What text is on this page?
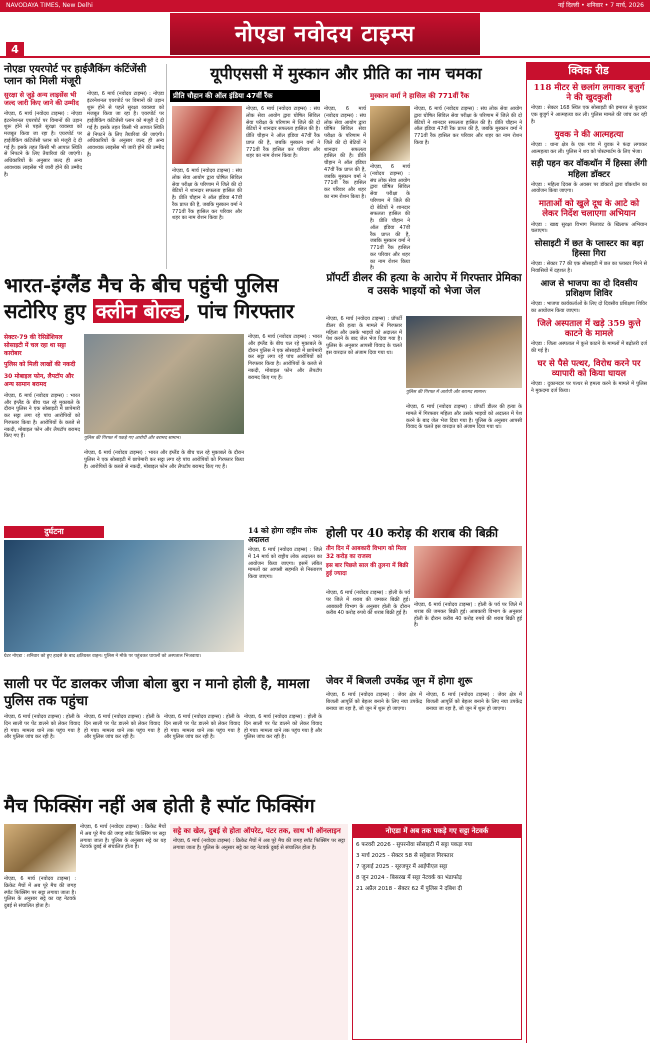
NAVODAYA TIMES, New Delhi	नई दिल्ली • शनिवार • 7 मार्च, 2026
नोएडा नवोदय टाइम्स
4
नोएडा एयरपोर्ट पर हाईजैकिंग कंटिंजेंसी प्लान को मिली मंजूरी
सुरक्षा से जुड़े अन्य लाइसेंस भी जल्द जारी किए जाने की उम्मीद
नोएडा, 6 मार्च (नवोदय टाइम्स) : नोएडा इंटरनेशनल एयरपोर्ट पर विमानों की उड़ान शुरू होने से पहले सुरक्षा व्यवस्था को मजबूत किया जा रहा है। एयरपोर्ट पर हाईजैकिंग कंटिंजेंसी प्लान को मंजूरी दे दी गई है। इसके तहत किसी भी आपात स्थिति से निपटने के लिए तैयारियां की जाएंगी। अधिकारियों के अनुसार जल्द ही अन्य आवश्यक लाइसेंस भी जारी होने की उम्मीद है।
नोएडा, 6 मार्च (नवोदय टाइम्स) : नोएडा इंटरनेशनल एयरपोर्ट पर विमानों की उड़ान शुरू होने से पहले सुरक्षा व्यवस्था को मजबूत किया जा रहा है। एयरपोर्ट पर हाईजैकिंग कंटिंजेंसी प्लान को मंजूरी दे दी गई है। इसके तहत किसी भी आपात स्थिति से निपटने के लिए तैयारियां की जाएंगी। अधिकारियों के अनुसार जल्द ही अन्य आवश्यक लाइसेंस भी जारी होने की उम्मीद है।
यूपीएससी में मुस्कान और प्रीति का नाम चमका
प्रीति चौहान की ऑल इंडिया 47वीं रैंक	मुस्कान वर्मा ने हासिल की 771वीं रैंक
नोएडा, 6 मार्च (नवोदय टाइम्स) : संघ लोक सेवा आयोग द्वारा घोषित सिविल सेवा परीक्षा के परिणाम में जिले की दो बेटियों ने शानदार सफलता हासिल की है। प्रीति चौहान ने ऑल इंडिया 47वीं रैंक प्राप्त की है, जबकि मुस्कान वर्मा ने 771वीं रैंक हासिल कर परिवार और शहर का नाम रोशन किया है।
नोएडा, 6 मार्च (नवोदय टाइम्स) : संघ लोक सेवा आयोग द्वारा घोषित सिविल सेवा परीक्षा के परिणाम में जिले की दो बेटियों ने शानदार सफलता हासिल की है। प्रीति चौहान ने ऑल इंडिया 47वीं रैंक प्राप्त की है, जबकि मुस्कान वर्मा ने 771वीं रैंक हासिल कर परिवार और शहर का नाम रोशन किया है।
नोएडा, 6 मार्च (नवोदय टाइम्स) : संघ लोक सेवा आयोग द्वारा घोषित सिविल सेवा परीक्षा के परिणाम में जिले की दो बेटियों ने शानदार सफलता हासिल की है। प्रीति चौहान ने ऑल इंडिया 47वीं रैंक प्राप्त की है, जबकि मुस्कान वर्मा ने 771वीं रैंक हासिल कर परिवार और शहर का नाम रोशन किया है।
नोएडा, 6 मार्च (नवोदय टाइम्स) : संघ लोक सेवा आयोग द्वारा घोषित सिविल सेवा परीक्षा के परिणाम में जिले की दो बेटियों ने शानदार सफलता हासिल की है। प्रीति चौहान ने ऑल इंडिया 47वीं रैंक प्राप्त की है, जबकि मुस्कान वर्मा ने 771वीं रैंक हासिल कर परिवार और शहर का नाम रोशन किया है।
नोएडा, 6 मार्च (नवोदय टाइम्स) : संघ लोक सेवा आयोग द्वारा घोषित सिविल सेवा परीक्षा के परिणाम में जिले की दो बेटियों ने शानदार सफलता हासिल की है। प्रीति चौहान ने ऑल इंडिया 47वीं रैंक प्राप्त की है, जबकि मुस्कान वर्मा ने 771वीं रैंक हासिल कर परिवार और शहर का नाम रोशन किया है।
भारत-इंग्लैंड मैच के बीच पहुंची पुलिस
सटोरिए हुए क्लीन बोल्ड , पांच गिरफ्तार
सेक्टर-79 की रेसिडेंशियल सोसाइटी में चल रहा था सट्टा कारोबार
पुलिस को मिली लाखों की नकदी
30 मोबाइल फोन, लैपटॉप और अन्य सामान बरामद
नोएडा, 6 मार्च (नवोदय टाइम्स) : भारत और इंग्लैंड के बीच चल रहे मुकाबले के दौरान पुलिस ने एक सोसाइटी में छापेमारी कर सट्टा लगा रहे पांच आरोपियों को गिरफ्तार किया है। आरोपियों के कब्जे से नकदी, मोबाइल फोन और लैपटॉप बरामद किए गए हैं।	पुलिस की गिरफ्त में पकड़े गए आरोपी और बरामद सामान।
नोएडा, 6 मार्च (नवोदय टाइम्स) : भारत और इंग्लैंड के बीच चल रहे मुकाबले के दौरान पुलिस ने एक सोसाइटी में छापेमारी कर सट्टा लगा रहे पांच आरोपियों को गिरफ्तार किया है। आरोपियों के कब्जे से नकदी, मोबाइल फोन और लैपटॉप बरामद किए गए हैं।
नोएडा, 6 मार्च (नवोदय टाइम्स) : भारत और इंग्लैंड के बीच चल रहे मुकाबले के दौरान पुलिस ने एक सोसाइटी में छापेमारी कर सट्टा लगा रहे पांच आरोपियों को गिरफ्तार किया है। आरोपियों के कब्जे से नकदी, मोबाइल फोन और लैपटॉप बरामद किए गए हैं।
प्रॉपर्टी डीलर की हत्या के आरोप में गिरफ्तार प्रेमिका व उसके भाइयों को भेजा जेल
पुलिस की गिरफ्त में आरोपी और बरामद सामान।
नोएडा, 6 मार्च (नवोदय टाइम्स) : प्रॉपर्टी डीलर की हत्या के मामले में गिरफ्तार महिला और उसके भाइयों को अदालत में पेश करने के बाद जेल भेज दिया गया है। पुलिस के अनुसार आपसी विवाद के चलते इस वारदात को अंजाम दिया गया था।
नोएडा, 6 मार्च (नवोदय टाइम्स) : प्रॉपर्टी डीलर की हत्या के मामले में गिरफ्तार महिला और उसके भाइयों को अदालत में पेश करने के बाद जेल भेज दिया गया है। पुलिस के अनुसार आपसी विवाद के चलते इस वारदात को अंजाम दिया गया था।
दुर्घटना
ग्रेटर नोएडा : शनिवार को हुए हादसे के बाद क्षतिग्रस्त वाहन। पुलिस ने मौके पर पहुंचकर घायलों को अस्पताल भिजवाया।
14 को होगा राष्ट्रीय लोक अदालत
नोएडा, 6 मार्च (नवोदय टाइम्स) : जिले में 14 मार्च को राष्ट्रीय लोक अदालत का आयोजन किया जाएगा। इसमें लंबित मामलों का आपसी सहमति से निस्तारण किया जाएगा।
होली पर 40 करोड़ की शराब की बिक्री
तीन दिन में आबकारी विभाग को मिला 32 करोड़ का राजस्व
इस बार पिछले साल की तुलना में बिक्री हुई ज्यादा
नोएडा, 6 मार्च (नवोदय टाइम्स) : होली के पर्व पर जिले में शराब की जमकर बिक्री हुई। आबकारी विभाग के अनुसार होली के दौरान करीब 40 करोड़ रुपये की शराब बिक्री हुई है।
नोएडा, 6 मार्च (नवोदय टाइम्स) : होली के पर्व पर जिले में शराब की जमकर बिक्री हुई। आबकारी विभाग के अनुसार होली के दौरान करीब 40 करोड़ रुपये की शराब बिक्री हुई है।
साली पर पेंट डालकर जीजा बोला बुरा न मानो होली है, मामला पुलिस तक पहुंचा
नोएडा, 6 मार्च (नवोदय टाइम्स) : होली के दिन साली पर पेंट डालने को लेकर विवाद हो गया। मामला थाने तक पहुंच गया है और पुलिस जांच कर रही है।
नोएडा, 6 मार्च (नवोदय टाइम्स) : होली के दिन साली पर पेंट डालने को लेकर विवाद हो गया। मामला थाने तक पहुंच गया है और पुलिस जांच कर रही है।
नोएडा, 6 मार्च (नवोदय टाइम्स) : होली के दिन साली पर पेंट डालने को लेकर विवाद हो गया। मामला थाने तक पहुंच गया है और पुलिस जांच कर रही है।
नोएडा, 6 मार्च (नवोदय टाइम्स) : होली के दिन साली पर पेंट डालने को लेकर विवाद हो गया। मामला थाने तक पहुंच गया है और पुलिस जांच कर रही है।
जेवर में बिजली उपकेंद्र जून में होगा शुरू
नोएडा, 6 मार्च (नवोदय टाइम्स) : जेवर क्षेत्र में बिजली आपूर्ति को बेहतर बनाने के लिए नया उपकेंद्र बनाया जा रहा है, जो जून में शुरू हो जाएगा।
नोएडा, 6 मार्च (नवोदय टाइम्स) : जेवर क्षेत्र में बिजली आपूर्ति को बेहतर बनाने के लिए नया उपकेंद्र बनाया जा रहा है, जो जून में शुरू हो जाएगा।
मैच फिक्सिंग नहीं अब होती है स्पॉट फिक्सिंग
नोएडा, 6 मार्च (नवोदय टाइम्स) : क्रिकेट मैचों में अब पूरे मैच की जगह स्पॉट फिक्सिंग पर सट्टा लगाया जाता है। पुलिस के अनुसार सट्टे का यह नेटवर्क दुबई से संचालित होता है।
नोएडा, 6 मार्च (नवोदय टाइम्स) : क्रिकेट मैचों में अब पूरे मैच की जगह स्पॉट फिक्सिंग पर सट्टा लगाया जाता है। पुलिस के अनुसार सट्टे का यह नेटवर्क दुबई से संचालित होता है।
सट्टे का खेल, दुबई से होता ऑपरेट, पंटर तक, साथ भी ऑनलाइन
नोएडा, 6 मार्च (नवोदय टाइम्स) : क्रिकेट मैचों में अब पूरे मैच की जगह स्पॉट फिक्सिंग पर सट्टा लगाया जाता है। पुलिस के अनुसार सट्टे का यह नेटवर्क दुबई से संचालित होता है।
नोएडा में अब तक पकड़े गए सट्टा नेटवर्क
6 फरवरी 2026 - सुपरनोवा सोसाइटी में सट्टा पकड़ा गया
3 मार्च 2025 - सेक्टर 58 से सट्टेबाज गिरफ्तार
7 जुलाई 2025 - सूरजपुर में आईपीएल सट्टा
8 जून 2024 - बिसरख में सट्टा नेटवर्क का भंडाफोड़
21 अप्रैल 2018 - सेक्टर 62 में पुलिस ने दबिश दी
क्विक रीड
118 मीटर से छलांग लगाकर बुजुर्ग ने की खुदकुशी
नोएडा : सेक्टर 168 स्थित एक सोसाइटी की इमारत से कूदकर एक बुजुर्ग ने आत्महत्या कर ली। पुलिस मामले की जांच कर रही है।
युवक ने की आत्महत्या
नोएडा : थाना क्षेत्र के एक गांव में युवक ने फंदा लगाकर आत्महत्या कर ली। पुलिस ने शव को पोस्टमार्टम के लिए भेजा।
सड़ी पहन कर वॉकथॉन में हिस्सा लेंगी महिला डॉक्टर
नोएडा : महिला दिवस के अवसर पर डॉक्टरों द्वारा वॉकथॉन का आयोजन किया जाएगा।
माताओं को खुले दूध के आटे को लेकर निर्देश चलाएगा अभियान
नोएडा : खाद्य सुरक्षा विभाग मिलावट के खिलाफ अभियान चलाएगा।
सोसाइटी में छत के प्लास्टर का बड़ा हिस्सा गिरा
नोएडा : सेक्टर 77 की एक सोसाइटी में छत का प्लास्टर गिरने से निवासियों में दहशत है।
आज से भाजपा का दो दिवसीय प्रशिक्षण शिविर
नोएडा : भाजपा कार्यकर्ताओं के लिए दो दिवसीय प्रशिक्षण शिविर का आयोजन किया जाएगा।
जिले अस्पताल में खड़े 359 कुत्ते काटने के मामले
नोएडा : जिला अस्पताल में कुत्ते काटने के मामलों में बढ़ोतरी दर्ज की गई है।
घर से पैसे पत्थर, विरोध करने पर व्यापारी को किया घायल
नोएडा : दुकानदार पर पत्थर से हमला करने के मामले में पुलिस ने मुकदमा दर्ज किया।
